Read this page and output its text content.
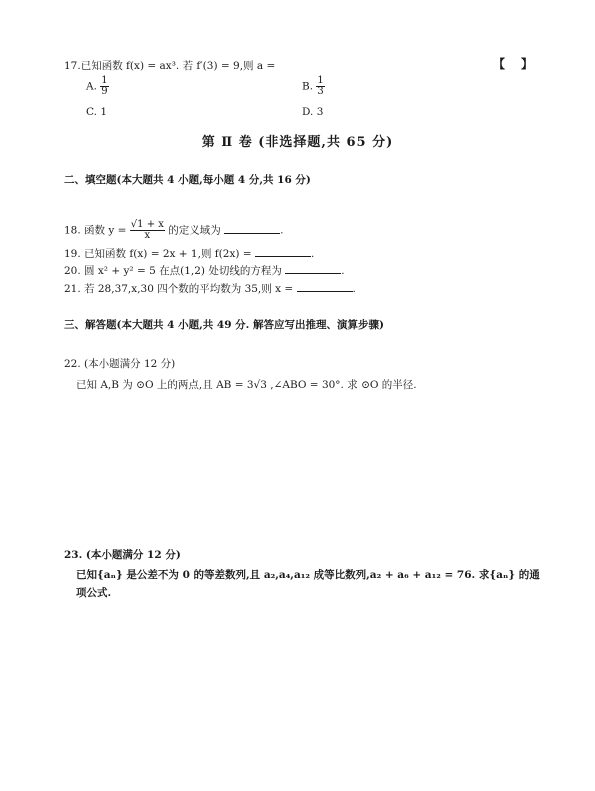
17.已知函数 f(x) = ax³. 若 f′(3) = 9,则 a =	【】
A. $\frac{1}{9}$	B. $\frac{1}{3}$
C. 1	D. 3
第 Ⅱ 卷 (非选择题,共 65 分)
二、填空题(本大题共 4 小题,每小题 4 分,共 16 分)
18. 函数 $y = \frac{√1 + x}{x}$ 的定义域为	.
19. 已知函数 f(x) = 2x + 1,则 f(2x) =	.
20. 圆 x² + y² = 5 在点(1,2) 处切线的方程为	.
21. 若 28,37,x,30 四个数的平均数为 35,则 x =	.
三、解答题(本大题共 4 小题,共 49 分. 解答应写出推理、演算步骤)
22. (本小题满分 12 分)
已知 A,B 为 ⊙O 上的两点,且 AB = 3√3 ,∠ABO = 30°. 求 ⊙O 的半径.
23. (本小题满分 12 分)
已知{aₙ} 是公差不为 0 的等差数列,且 a₂,a₄,a₁₂ 成等比数列,a₂ + a₆ + a₁₂ = 76. 求{aₙ} 的通
项公式.
